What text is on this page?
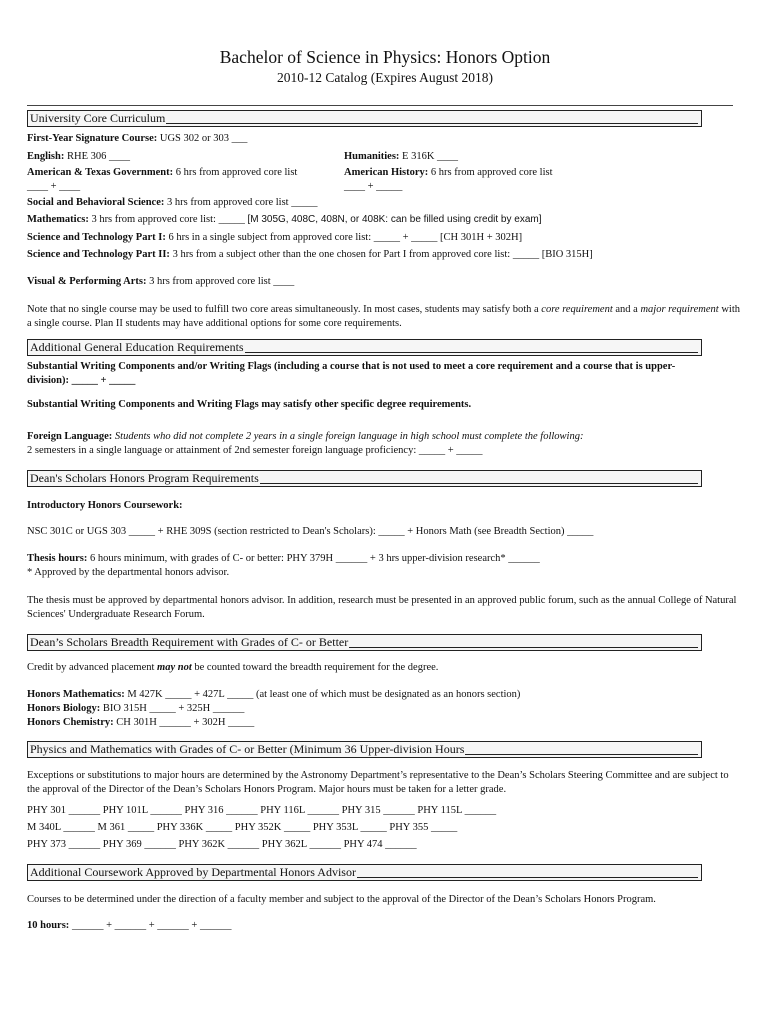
Bachelor of Science in Physics: Honors Option
2010-12 Catalog (Expires August 2018)
University Core Curriculum
First-Year Signature Course: UGS 302 or 303 ___
English: RHE 306 ____	Humanities: E 316K ____
American & Texas Government: 6 hrs from approved core list
____ + ____
American History: 6 hrs from approved core list
____ + _____
Social and Behavioral Science: 3 hrs from approved core list _____
Mathematics: 3 hrs from approved core list: _____ [M 305G, 408C, 408N, or 408K: can be filled using credit by exam]
Science and Technology Part I: 6 hrs in a single subject from approved core list: _____ + _____ [CH 301H + 302H]
Science and Technology Part II: 3 hrs from a subject other than the one chosen for Part I from approved core list: _____ [BIO 315H]
Visual & Performing Arts: 3 hrs from approved core list ____
Note that no single course may be used to fulfill two core areas simultaneously. In most cases, students may satisfy both a core requirement and a major requirement with a single course. Plan II students may have additional options for some core requirements.
Additional General Education Requirements
Substantial Writing Components and/or Writing Flags (including a course that is not used to meet a core requirement and a course that is upper-
division): _____ + _____
Substantial Writing Components and Writing Flags may satisfy other specific degree requirements.
Foreign Language: Students who did not complete 2 years in a single foreign language in high school must complete the following:
2 semesters in a single language or attainment of 2nd semester foreign language proficiency: _____ + _____
Dean's Scholars Honors Program Requirements
Introductory Honors Coursework:
NSC 301C or UGS 303 _____ + RHE 309S (section restricted to Dean's Scholars): _____ + Honors Math (see Breadth Section) _____
Thesis hours: 6 hours minimum, with grades of C- or better: PHY 379H ______ + 3 hrs upper-division research* ______
* Approved by the departmental honors advisor.
The thesis must be approved by departmental honors advisor. In addition, research must be presented in an approved public forum, such as the annual College of Natural Sciences' Undergraduate Research Forum.
Dean’s Scholars Breadth Requirement with Grades of C- or Better
Credit by advanced placement may not be counted toward the breadth requirement for the degree.
Honors Mathematics: M 427K _____ + 427L _____ (at least one of which must be designated as an honors section)
Honors Biology: BIO 315H _____ + 325H ______
Honors Chemistry: CH 301H ______ + 302H _____
Physics and Mathematics with Grades of C- or Better (Minimum 36 Upper-division Hours
Exceptions or substitutions to major hours are determined by the Astronomy Department’s representative to the Dean’s Scholars Steering Committee and are subject to the approval of the Director of the Dean’s Scholars Honors Program. Major hours must be taken for a letter grade.
PHY 301 ______ PHY 101L ______ PHY 316 ______ PHY 116L ______ PHY 315 ______ PHY 115L ______
M 340L ______ M 361 _____ PHY 336K _____ PHY 352K _____ PHY 353L _____ PHY 355 _____
PHY 373 ______ PHY 369 ______ PHY 362K ______ PHY 362L ______ PHY 474 ______
Additional Coursework Approved by Departmental Honors Advisor
Courses to be determined under the direction of a faculty member and subject to the approval of the Director of the Dean’s Scholars Honors Program.
10 hours: ______ + ______ + ______ + ______
